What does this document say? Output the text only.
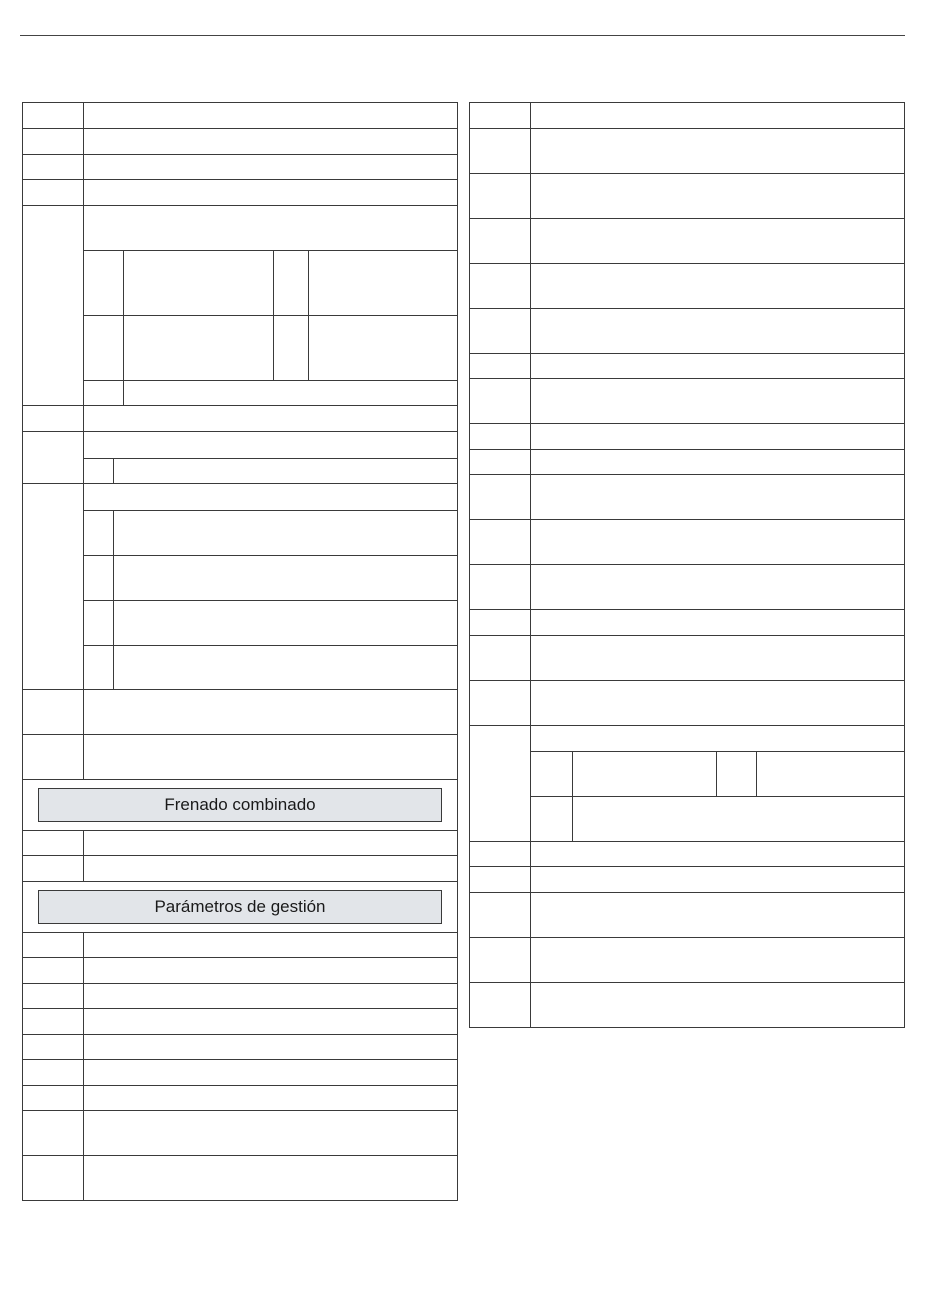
Frenado combinado
Parámetros de gestión
